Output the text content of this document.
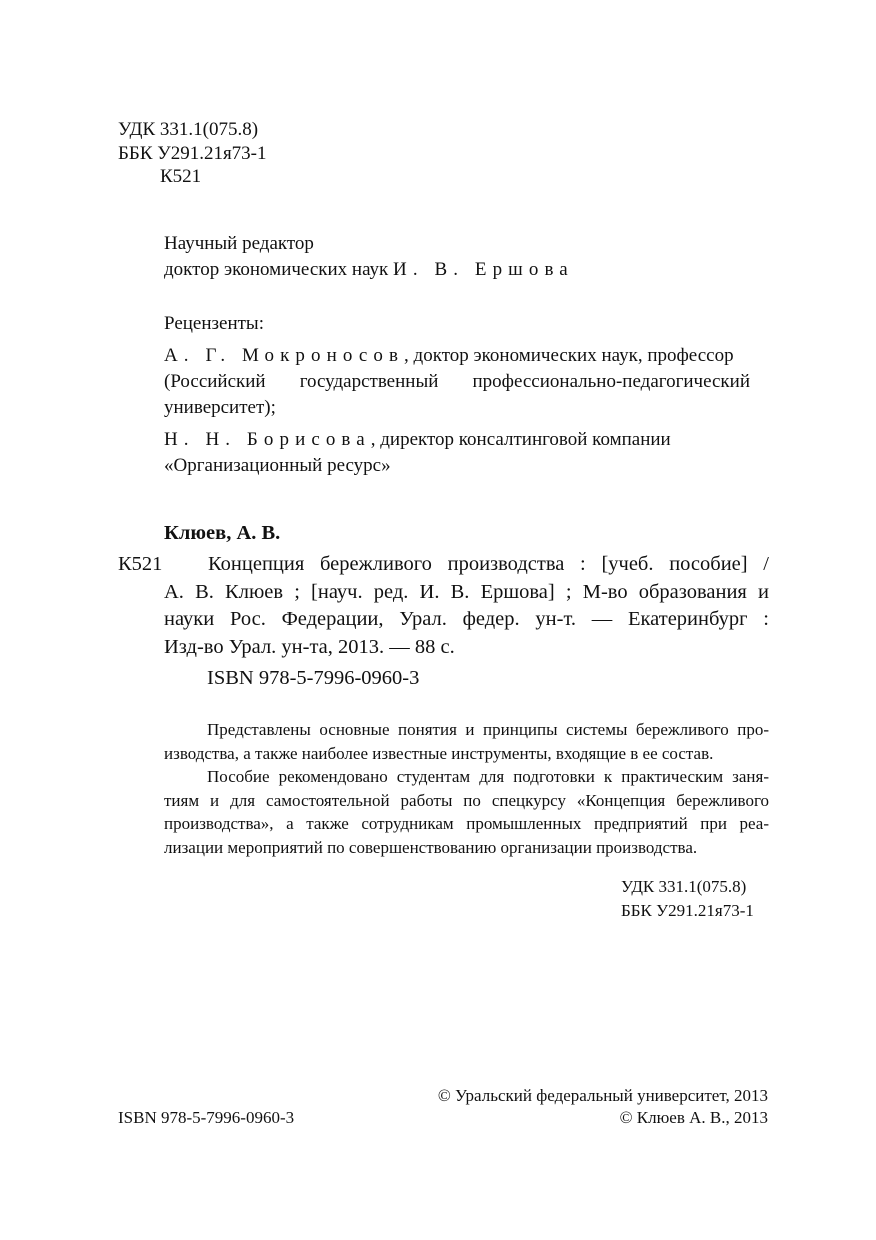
УДК 331.1(075.8)
ББК У291.21я73-1
К521
Научный редактор
доктор экономических наук И. В. Ершова
Рецензенты:
А. Г. Мокроносов, доктор экономических наук, профессор
(Российский государственный профессионально-педагогический
университет);
Н. Н. Борисова, директор консалтинговой компании
«Организационный ресурс»
Клюев, А. В.
К521	Концепция бережливого производства : [учеб. пособие] /
А. В. Клюев ; [науч. ред. И. В. Ершова] ; М-во образования и
науки Рос. Федерации, Урал. федер. ун-т. — Екатеринбург :
Изд-во Урал. ун-та, 2013. — 88 с.
ISBN 978-5-7996-0960-3
Представлены основные понятия и принципы системы бережливого про-
изводства, а также наиболее известные инструменты, входящие в ее состав.
Пособие рекомендовано студентам для подготовки к практическим заня-
тиям и для самостоятельной работы по спецкурсу «Концепция бережливого
производства», а также сотрудникам промышленных предприятий при реа-
лизации мероприятий по совершенствованию организации производства.
УДК 331.1(075.8)
ББК У291.21я73-1
© Уральский федеральный университет, 2013
© Клюев А. В., 2013
ISBN 978-5-7996-0960-3
